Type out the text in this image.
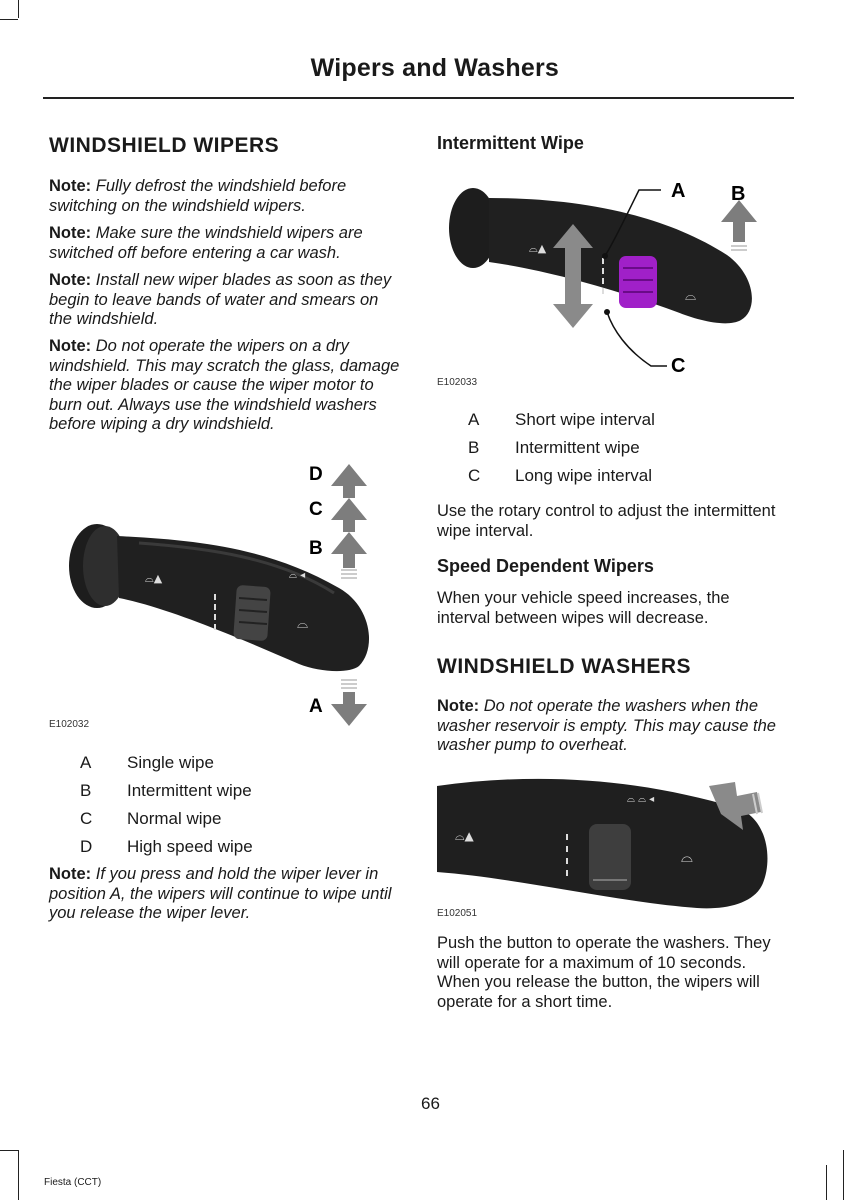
Wipers and Washers
WINDSHIELD WIPERS

Note: Fully defrost the windshield before switching on the windshield wipers.

Note: Make sure the windshield wipers are switched off before entering a car wash.

Note: Install new wiper blades as soon as they begin to leave bands of water and smears on the windshield.

Note: Do not operate the wipers on a dry windshield. This may scratch the glass, damage the wiper blades or cause the wiper motor to burn out. Always use the windshield washers before wiping a dry windshield.

⌓▲
⌓
⌓ ◂
D
C
B
A
E102032
A Single wipe
B Intermittent wipe
C Normal wipe
D High speed wipe

Note: If you press and hold the wiper lever in position A, the wipers will continue to wipe until you release the wiper lever.

Intermittent Wipe
⌓▲
⌓
A B
C
E102033
A Short wipe interval
B Intermittent wipe
C Long wipe interval

Use the rotary control to adjust the intermittent wipe interval.

Speed Dependent Wipers

When your vehicle speed increases, the interval between wipes will decrease.

WINDSHIELD WASHERS

Note: Do not operate the washers when the washer reservoir is empty. This may cause the washer pump to overheat.

⌓▲
⌓
⌓ ⌓ ◂
E102051

Push the button to operate the washers. They will operate for a maximum of 10 seconds. When you release the button, the wipers will operate for a short time.

66
Fiesta (CCT)
